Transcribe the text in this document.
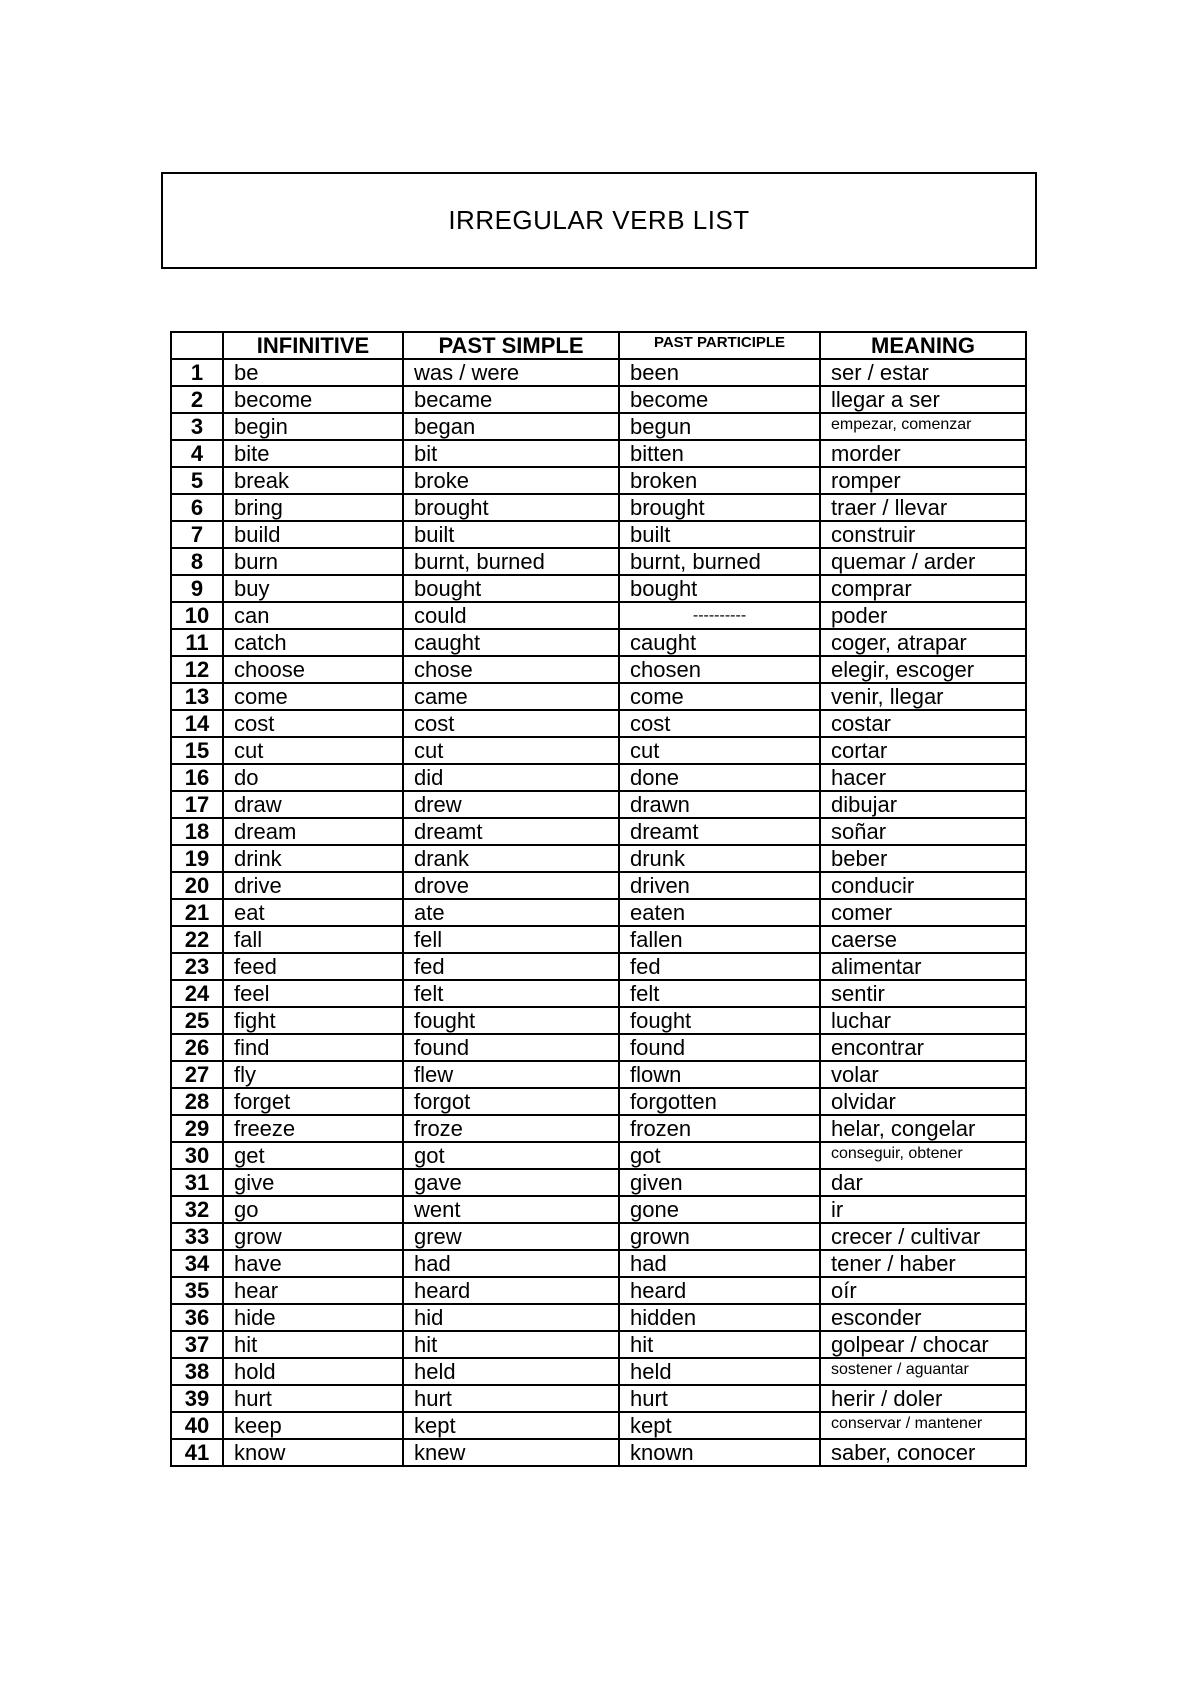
IRREGULAR VERB LIST
	INFINITIVE	PAST SIMPLE	PAST PARTICIPLE	MEANING
1	be	was / were	been	ser / estar
2	become	became	become	llegar a ser
3	begin	began	begun	empezar, comenzar
4	bite	bit	bitten	morder
5	break	broke	broken	romper
6	bring	brought	brought	traer / llevar
7	build	built	built	construir
8	burn	burnt, burned	burnt, burned	quemar / arder
9	buy	bought	bought	comprar
10	can	could	----------	poder
11	catch	caught	caught	coger, atrapar
12	choose	chose	chosen	elegir, escoger
13	come	came	come	venir, llegar
14	cost	cost	cost	costar
15	cut	cut	cut	cortar
16	do	did	done	hacer
17	draw	drew	drawn	dibujar
18	dream	dreamt	dreamt	soñar
19	drink	drank	drunk	beber
20	drive	drove	driven	conducir
21	eat	ate	eaten	comer
22	fall	fell	fallen	caerse
23	feed	fed	fed	alimentar
24	feel	felt	felt	sentir
25	fight	fought	fought	luchar
26	find	found	found	encontrar
27	fly	flew	flown	volar
28	forget	forgot	forgotten	olvidar
29	freeze	froze	frozen	helar, congelar
30	get	got	got	conseguir, obtener
31	give	gave	given	dar
32	go	went	gone	ir
33	grow	grew	grown	crecer / cultivar
34	have	had	had	tener / haber
35	hear	heard	heard	oír
36	hide	hid	hidden	esconder
37	hit	hit	hit	golpear / chocar
38	hold	held	held	sostener / aguantar
39	hurt	hurt	hurt	herir / doler
40	keep	kept	kept	conservar / mantener
41	know	knew	known	saber, conocer
